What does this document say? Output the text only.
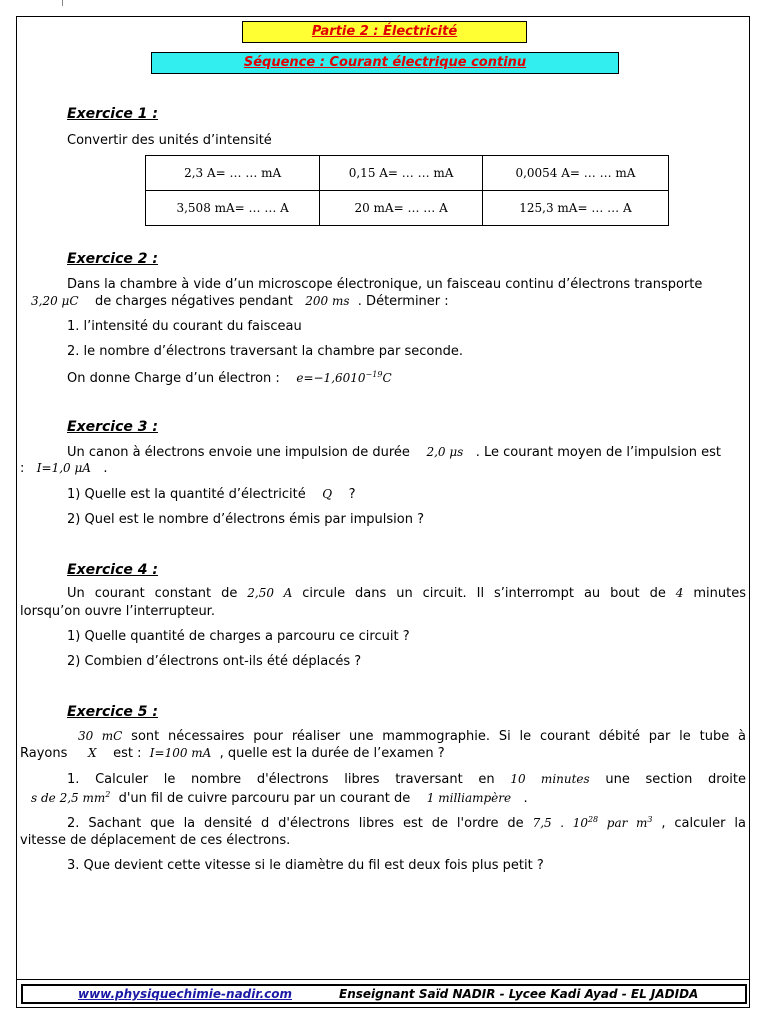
Partie 2 : Électricité
Séquence : Courant électrique continu
Exercice 1 :
Convertir des unités d’intensité
2,3 A= … … mA	0,15 A= … … mA	0,0054 A= … … mA
3,508 mA= … … A	20 mA= … … A	125,3 mA= … … A
Exercice 2 :
Dans la chambre à vide d’un microscope électronique, un faisceau continu d’électrons transporte
3,20 μC de charges négatives pendant 200 ms . Déterminer :
1. l’intensité du courant du faisceau
2. le nombre d’électrons traversant la chambre par seconde.
On donne Charge d’un électron : $e=-1,6010^{-19}C$
Exercice 3 :
Un canon à électrons envoie une impulsion de durée 2,0 μs . Le courant moyen de l’impulsion est
: I=1,0 μA .
1) Quelle est la quantité d’électricité Q ?
2) Quel est le nombre d’électrons émis par impulsion ?
Exercice 4 :
Un courant constant de 2,50 A circule dans un circuit. Il s’interrompt au bout de 4 minutes
lorsqu’on ouvre l’interrupteur.
1) Quelle quantité de charges a parcouru ce circuit ?
2) Combien d’électrons ont-ils été déplacés ?
Exercice 5 :
30 mC sont nécessaires pour réaliser une mammographie. Si le courant débité par le tube à
Rayons X est : I=100 mA , quelle est la durée de l’examen ?
1. Calculer le nombre d'électrons libres traversant en 10 minutes une section droite
s de 2,5 $mm^2$ d'un fil de cuivre parcouru par un courant de 1 milliampère .
2. Sachant que la densité d d'électrons libres est de l'ordre de 7,5 . $10^{28}$ par $m^3$ , calculer la
vitesse de déplacement de ces électrons.
3. Que devient cette vitesse si le diamètre du fil est deux fois plus petit ?
www.physiquechimie-nadir.com	Enseignant Saïd NADIR - Lycee Kadi Ayad - EL JADIDA
